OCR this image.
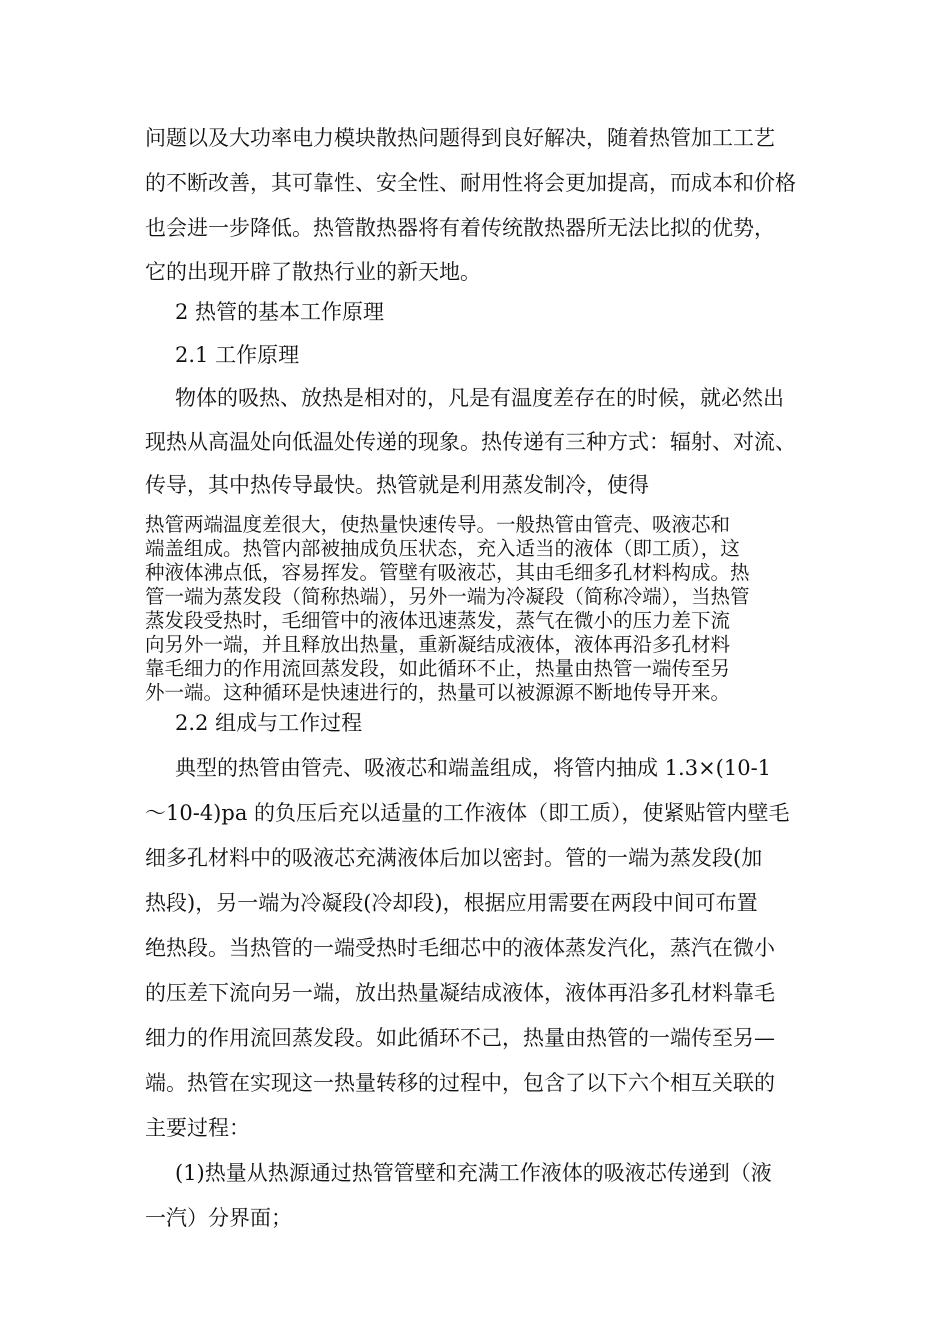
问题以及大功率电力模块散热问题得到良好解决，随着热管加工工艺
的不断改善，其可靠性、安全性、耐用性将会更加提高，而成本和价格
也会进一步降低。热管散热器将有着传统散热器所无法比拟的优势，
它的出现开辟了散热行业的新天地。
2 热管的基本工作原理
2.1 工作原理
物体的吸热、放热是相对的，凡是有温度差存在的时候，就必然出
现热从高温处向低温处传递的现象。热传递有三种方式：辐射、对流、
传导，其中热传导最快。热管就是利用蒸发制冷，使得
热管两端温度差很大，使热量快速传导。一般热管由管壳、吸液芯和
端盖组成。热管内部被抽成负压状态，充入适当的液体（即工质），这
种液体沸点低，容易挥发。管壁有吸液芯，其由毛细多孔材料构成。热
管一端为蒸发段（简称热端），另外一端为冷凝段（简称冷端），当热管
蒸发段受热时，毛细管中的液体迅速蒸发，蒸气在微小的压力差下流
向另外一端，并且释放出热量，重新凝结成液体，液体再沿多孔材料
靠毛细力的作用流回蒸发段，如此循环不止，热量由热管一端传至另
外一端。这种循环是快速进行的，热量可以被源源不断地传导开来。
2.2 组成与工作过程
典型的热管由管壳、吸液芯和端盖组成，将管内抽成 1.3×(10-1
～10-4)pa 的负压后充以适量的工作液体（即工质），使紧贴管内壁毛
细多孔材料中的吸液芯充满液体后加以密封。管的一端为蒸发段(加
热段)，另一端为冷凝段(冷却段)，根据应用需要在两段中间可布置
绝热段。当热管的一端受热时毛细芯中的液体蒸发汽化，蒸汽在微小
的压差下流向另一端，放出热量凝结成液体，液体再沿多孔材料靠毛
细力的作用流回蒸发段。如此循环不己，热量由热管的一端传至另—
端。热管在实现这一热量转移的过程中，包含了以下六个相互关联的
主要过程：
(1)热量从热源通过热管管壁和充满工作液体的吸液芯传递到（液
一汽）分界面；
